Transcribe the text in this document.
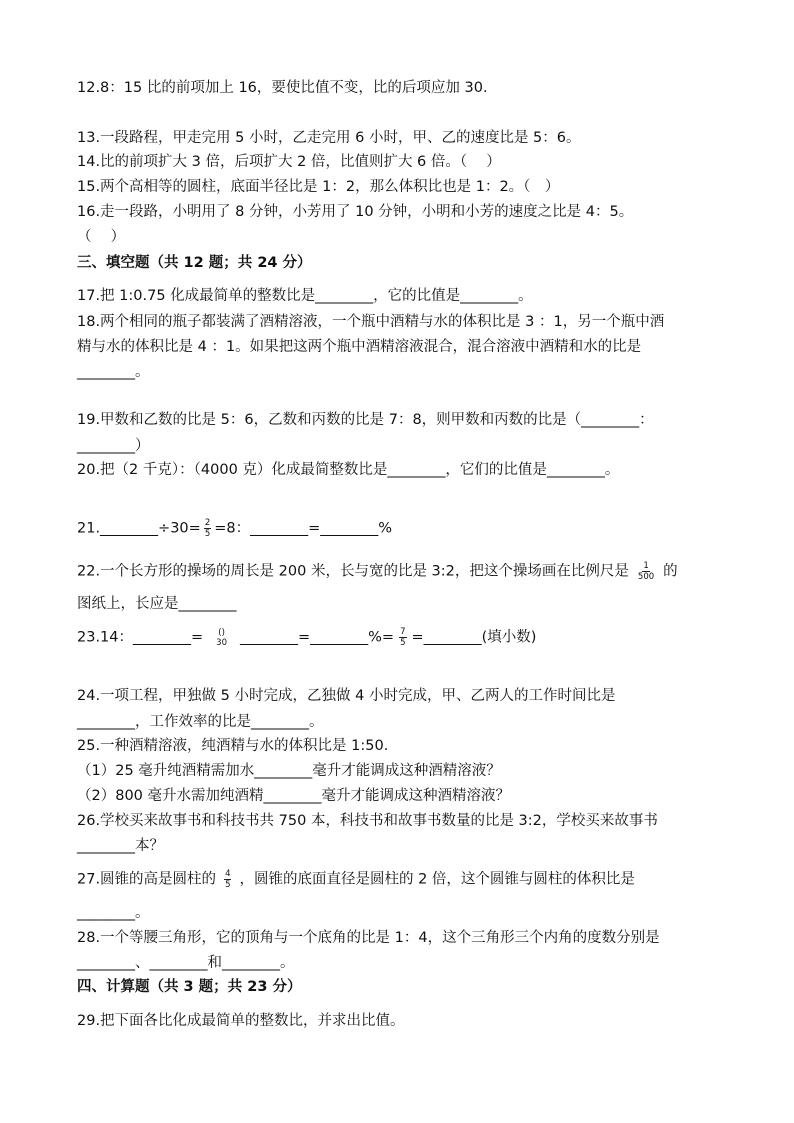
12.8：15 比的前项加上 16，要使比值不变，比的后项应加 30.
13.一段路程，甲走完用 5 小时，乙走完用 6 小时，甲、乙的速度比是 5：6。
14.比的前项扩大 3 倍，后项扩大 2 倍，比值则扩大 6 倍。（　 ）
15.两个高相等的圆柱，底面半径比是 1：2，那么体积比也是 1：2。（　）
16.走一段路，小明用了 8 分钟，小芳用了 10 分钟，小明和小芳的速度之比是 4：5。
（　 ）
三、填空题（共 12 题；共 24 分）
17.把 1:0.75 化成最简单的整数比是________，它的比值是________。
18.两个相同的瓶子都装满了酒精溶液，一个瓶中酒精与水的体积比是 3 ：1，另一个瓶中酒
精与水的体积比是 4 ：1。如果把这两个瓶中酒精溶液混合，混合溶液中酒精和水的比是
________。
19.甲数和乙数的比是 5：6，乙数和丙数的比是 7：8，则甲数和丙数的比是（________：
________）
20.把（2 千克）：（4000 克）化成最简整数比是________，它们的比值是________。
21.________÷30= $\frac{2}{5} =8$：________=________%
22.一个长方形的操场的周长是 200 米，长与宽的比是 3:2，把这个操场画在比例尺是 $\frac{1}{500}$ 的
图纸上，长应是________
23.14：________= ()
30 ________=________%= $\frac{7}{5}$ =________(填小数)
24.一项工程，甲独做 5 小时完成，乙独做 4 小时完成，甲、乙两人的工作时间比是
________，工作效率的比是________。
25.一种酒精溶液，纯酒精与水的体积比是 1:50.
（1）25 毫升纯酒精需加水________毫升才能调成这种酒精溶液？
（2）800 毫升水需加纯酒精________毫升才能调成这种酒精溶液？
26.学校买来故事书和科技书共 750 本，科技书和故事书数量的比是 3:2，学校买来故事书
________本？
27.圆锥的高是圆柱的 $\frac{4}{5}$ ，圆锥的底面直径是圆柱的 2 倍，这个圆锥与圆柱的体积比是
________。
28.一个等腰三角形，它的顶角与一个底角的比是 1：4，这个三角形三个内角的度数分别是
________、________和________。
四、计算题（共 3 题；共 23 分）
29.把下面各比化成最简单的整数比，并求出比值。
